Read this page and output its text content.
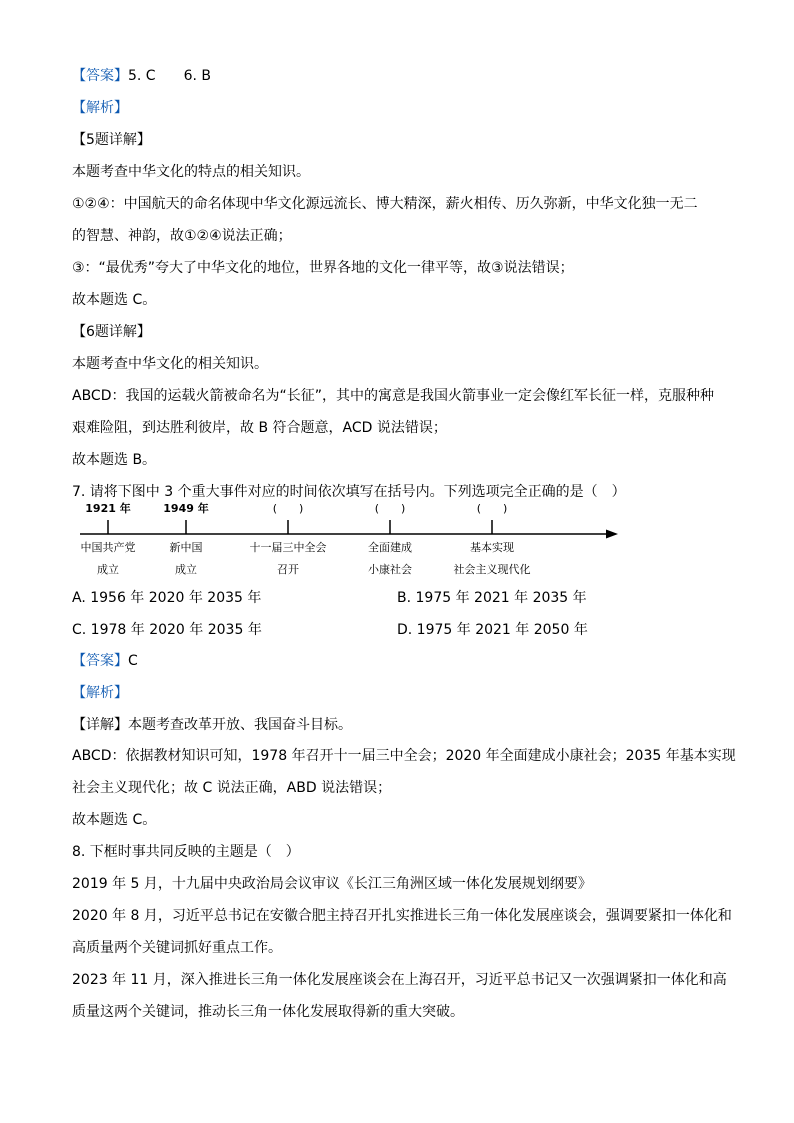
【答案】5. C 6. B
【解析】
【5题详解】
本题考查中华文化的特点的相关知识。
①②④：中国航天的命名体现中华文化源远流长、博大精深，薪火相传、历久弥新，中华文化独一无二
的智慧、神韵，故①②④说法正确；
③：“最优秀”夸大了中华文化的地位，世界各地的文化一律平等，故③说法错误；
故本题选 C。
【6题详解】
本题考查中华文化的相关知识。
ABCD：我国的运载火箭被命名为“长征”，其中的寓意是我国火箭事业一定会像红军长征一样，克服种种
艰难险阻，到达胜利彼岸，故 B 符合题意，ACD 说法错误；
故本题选 B。
7. 请将下图中 3 个重大事件对应的时间依次填写在括号内。下列选项完全正确的是（　）
1921 年	1949 年	(　　)	(　　)	(　　)
中国共产党	新中国	十一届三中全会	全面建成	基本实现
成立	成立	召开	小康社会	社会主义现代化
A. 1956 年 2020 年 2035 年	B. 1975 年 2021 年 2035 年
C. 1978 年 2020 年 2035 年	D. 1975 年 2021 年 2050 年
【答案】C
【解析】
【详解】本题考查改革开放、我国奋斗目标。
ABCD：依据教材知识可知，1978 年召开十一届三中全会；2020 年全面建成小康社会；2035 年基本实现
社会主义现代化；故 C 说法正确，ABD 说法错误；
故本题选 C。
8. 下框时事共同反映的主题是（　）
2019 年 5 月，十九届中央政治局会议审议《长江三角洲区域一体化发展规划纲要》
2020 年 8 月，习近平总书记在安徽合肥主持召开扎实推进长三角一体化发展座谈会，强调要紧扣一体化和
高质量两个关键词抓好重点工作。
2023 年 11 月，深入推进长三角一体化发展座谈会在上海召开，习近平总书记又一次强调紧扣一体化和高
质量这两个关键词，推动长三角一体化发展取得新的重大突破。
